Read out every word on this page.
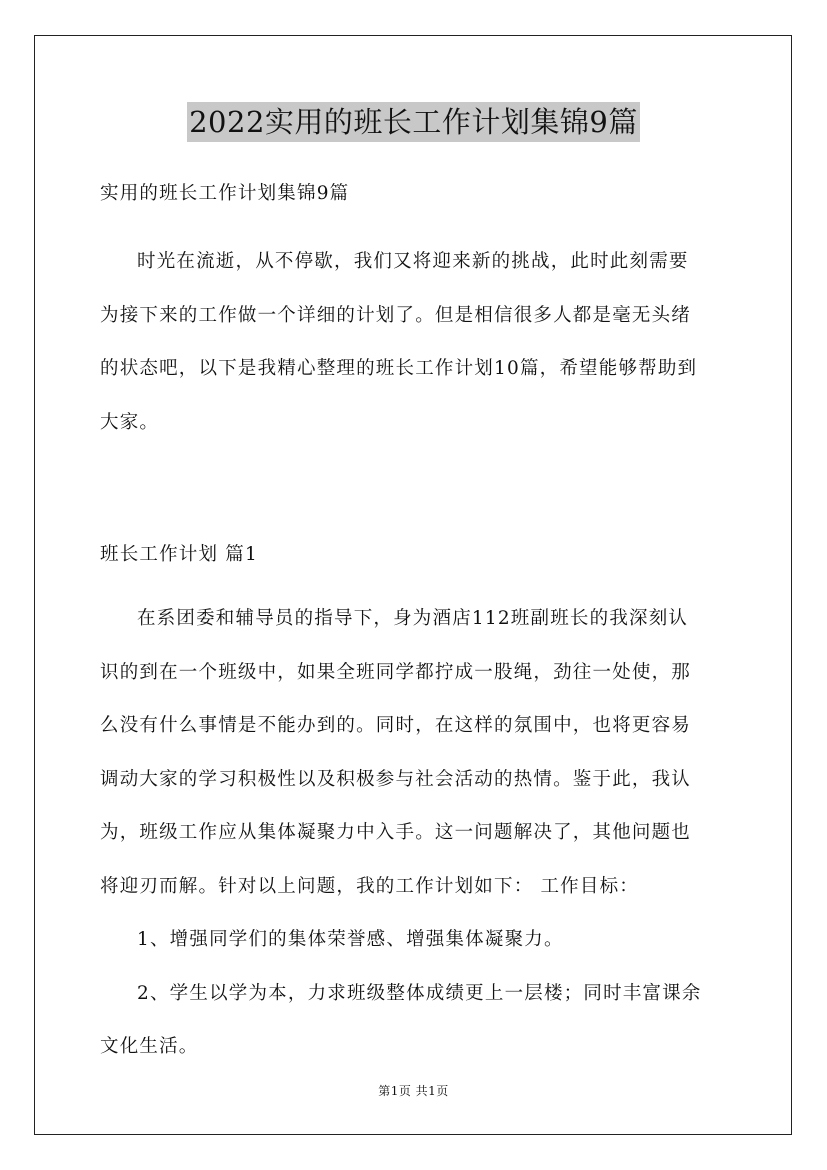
2022实用的班长工作计划集锦9篇

实用的班长工作计划集锦9篇

时光在流逝，从不停歇，我们又将迎来新的挑战，此时此刻需要

为接下来的工作做一个详细的计划了。但是相信很多人都是毫无头绪

的状态吧，以下是我精心整理的班长工作计划10篇，希望能够帮助到

大家。

班长工作计划 篇1

在系团委和辅导员的指导下，身为酒店112班副班长的我深刻认

识的到在一个班级中，如果全班同学都拧成一股绳，劲往一处使，那

么没有什么事情是不能办到的。同时，在这样的氛围中，也将更容易

调动大家的学习积极性以及积极参与社会活动的热情。鉴于此，我认

为，班级工作应从集体凝聚力中入手。这一问题解决了，其他问题也

将迎刃而解。针对以上问题，我的工作计划如下： 工作目标：

1、增强同学们的集体荣誉感、增强集体凝聚力。

2、学生以学为本，力求班级整体成绩更上一层楼；同时丰富课余

文化生活。

第1页 共1页
